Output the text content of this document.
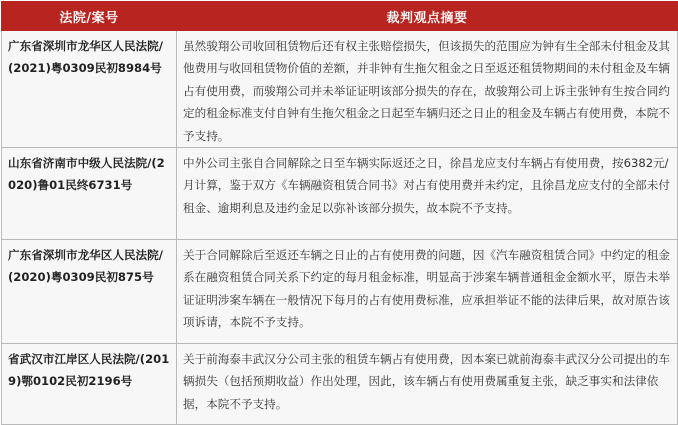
法院/案号	裁判观点摘要
广东省深圳市龙华区人民法院/(2021)粤0309民初8984号	虽然骏翔公司收回租赁物后还有权主张赔偿损失，但该损失的范围应为钟有生全部未付租金及其他费用与收回租赁物价值的差额，并非钟有生拖欠租金之日至返还租赁物期间的未付租金及车辆占有使用费，而骏翔公司并未举证证明该部分损失的存在，故骏翔公司上诉主张钟有生按合同约定的租金标准支付自钟有生拖欠租金之日起至车辆归还之日止的租金及车辆占有使用费，本院不予支持。
山东省济南市中级人民法院/(2020)鲁01民终6731号	中外公司主张自合同解除之日至车辆实际返还之日，徐昌龙应支付车辆占有使用费，按6382元/月计算，鉴于双方《车辆融资租赁合同书》对占有使用费并未约定，且徐昌龙应支付的全部未付租金、逾期利息及违约金足以弥补该部分损失，故本院不予支持。
广东省深圳市龙华区人民法院/(2020)粤0309民初875号	关于合同解除后至返还车辆之日止的占有使用费的问题，因《汽车融资租赁合同》中约定的租金系在融资租赁合同关系下约定的每月租金标准，明显高于涉案车辆普通租金金额水平，原告未举证证明涉案车辆在一般情况下每月的占有使用费标准，应承担举证不能的法律后果，故对原告该项诉请，本院不予支持。
省武汉市江岸区人民法院/(2019)鄂0102民初2196号	关于前海泰丰武汉分公司主张的租赁车辆占有使用费，因本案已就前海泰丰武汉分公司提出的车辆损失（包括预期收益）作出处理，因此，该车辆占有使用费属重复主张，缺乏事实和法律依据，本院不予支持。
